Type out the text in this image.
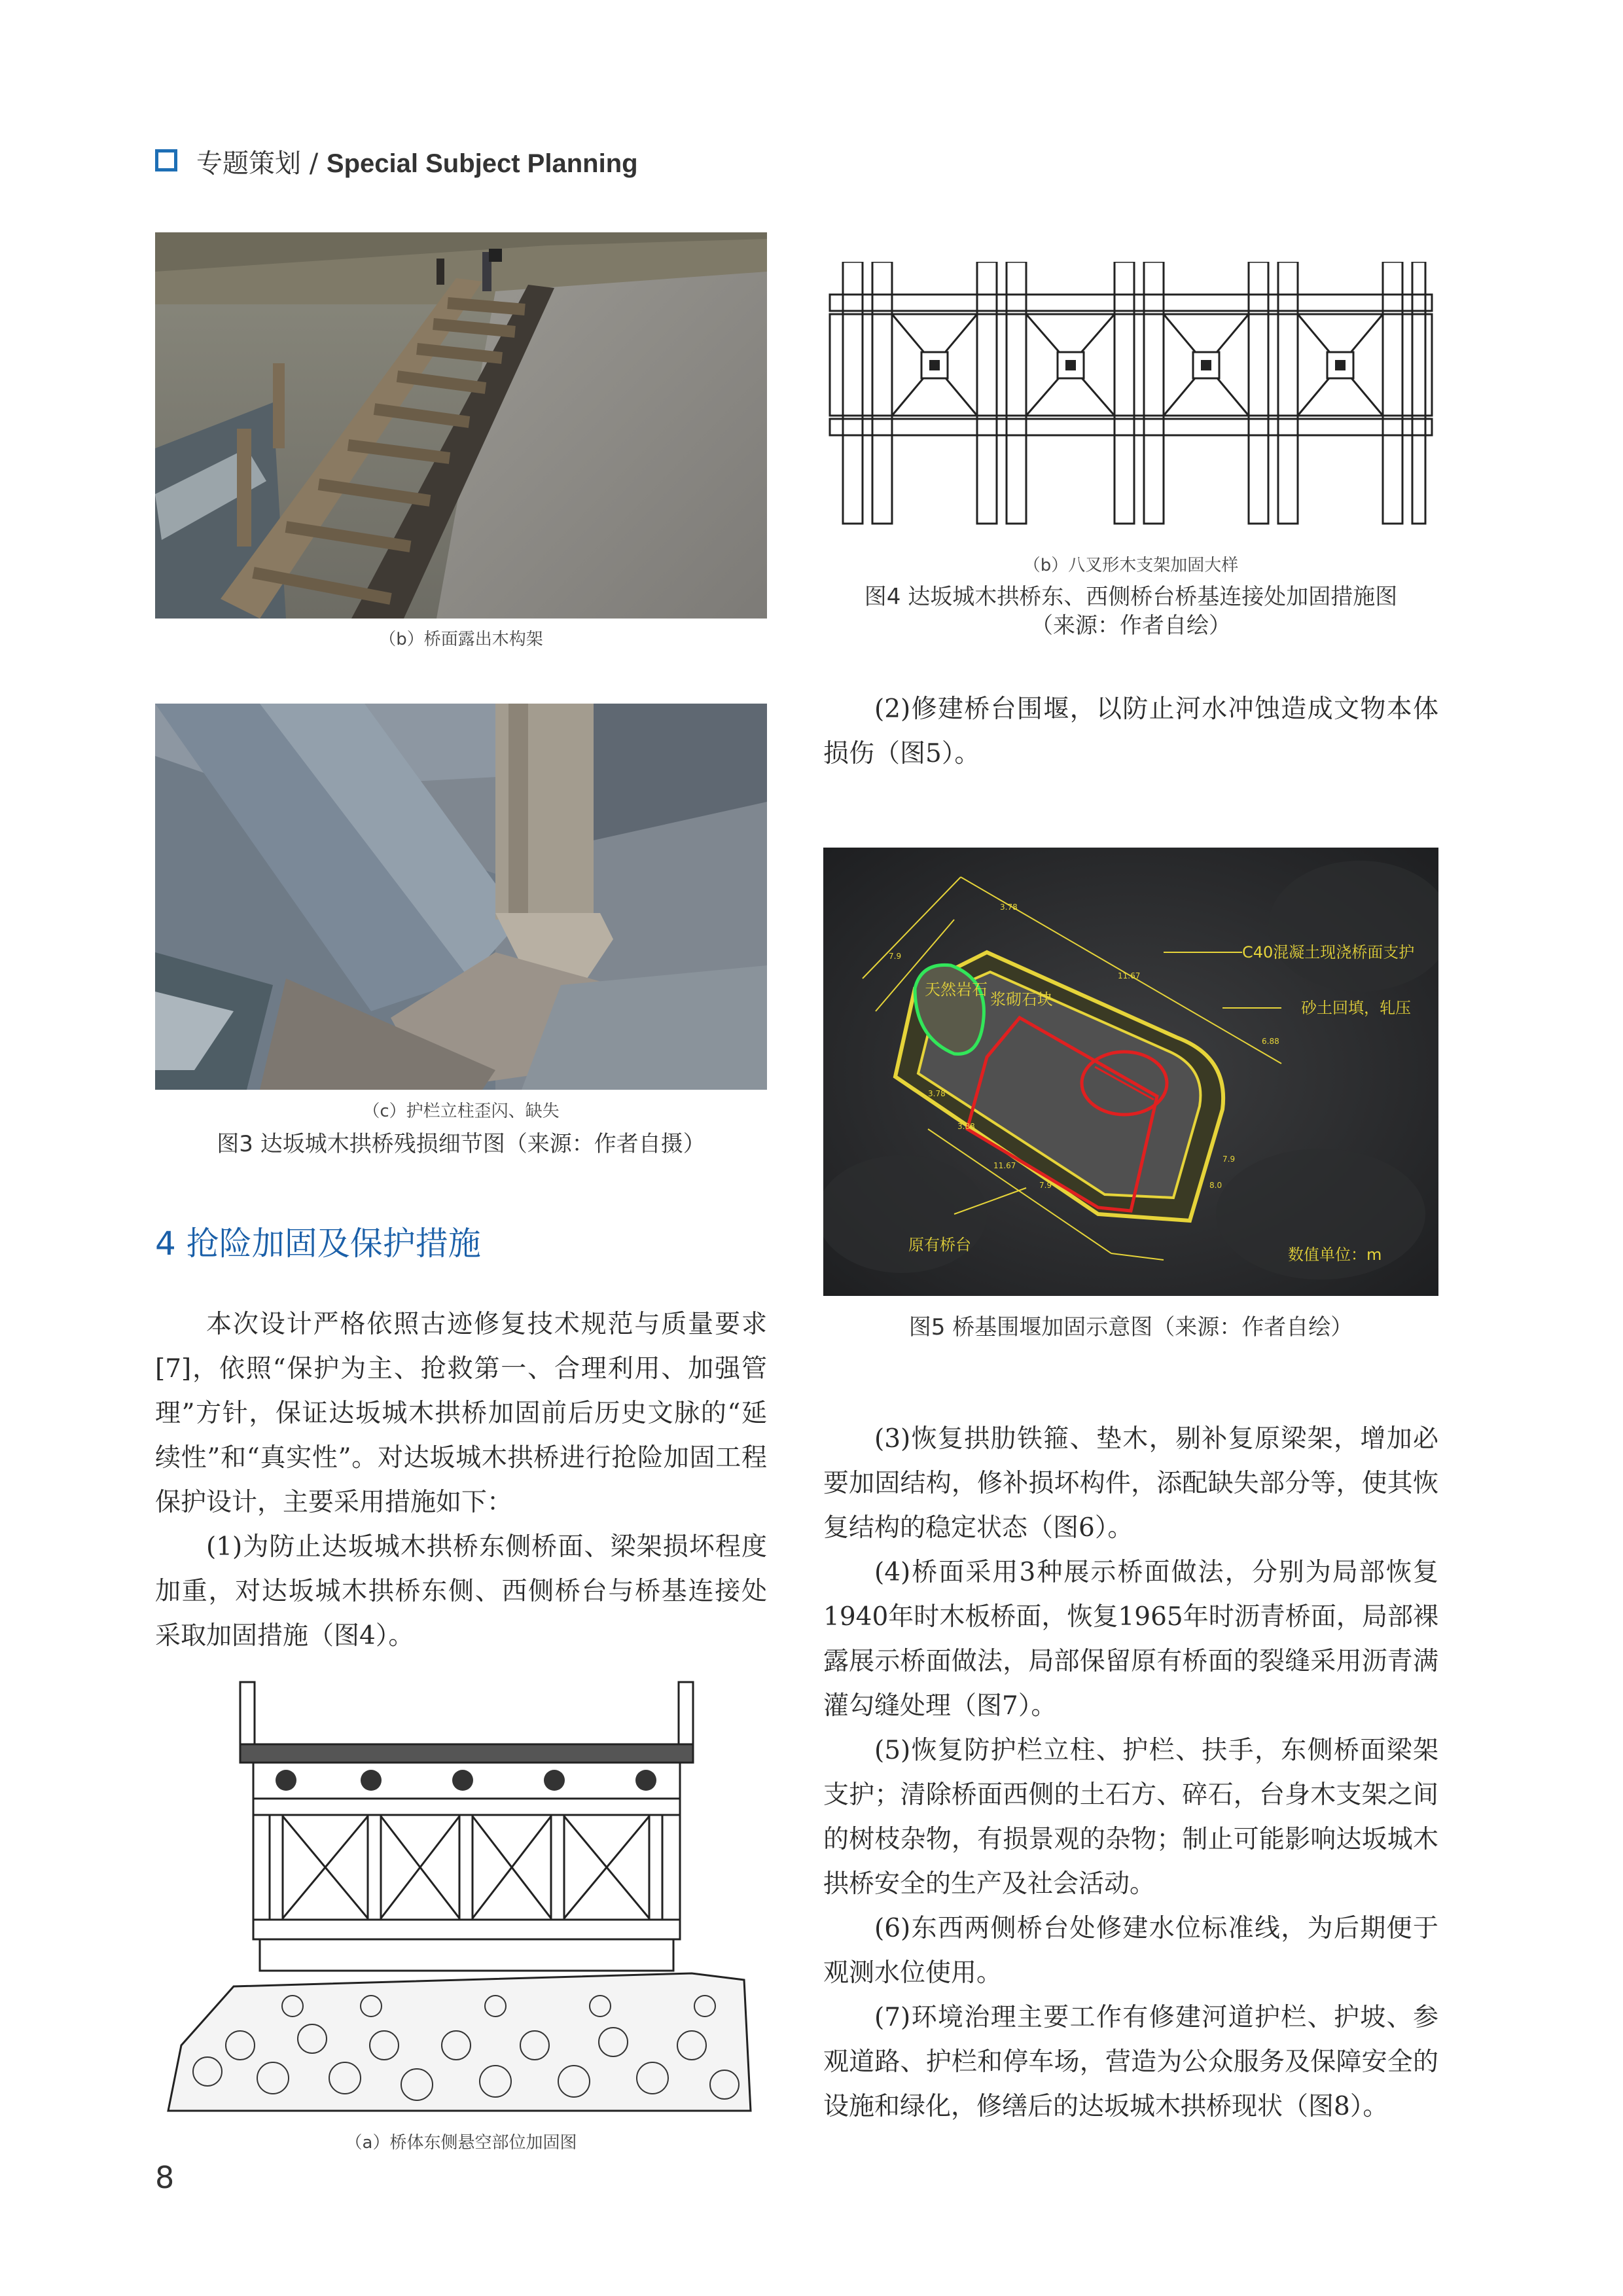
专题策划 / Special Subject Planning
（b）桥面露出木构架
（c）护栏立柱歪闪、缺失
图3 达坂城木拱桥残损细节图（来源：作者自摄）
4 抢险加固及保护措施

本次设计严格依照古迹修复技术规范与质量要求[7]，依照“保护为主、抢救第一、合理利用、加强管理”方针，保证达坂城木拱桥加固前后历史文脉的“延续性”和“真实性”。对达坂城木拱桥进行抢险加固工程保护设计，主要采用措施如下：

(1)为防止达坂城木拱桥东侧桥面、梁架损坏程度加重，对达坂城木拱桥东侧、西侧桥台与桥基连接处采取加固措施（图4）。

（a）桥体东侧悬空部位加固图
（b）八叉形木支架加固大样
图4 达坂城木拱桥东、西侧桥台桥基连接处加固措施图
（来源：作者自绘）

(2)修建桥台围堰，以防止河水冲蚀造成文物本体损伤（图5）。

3.78
11.67
7.9
6.88
3.78
3.88
7.9
11.67
8.0
7.9
C40混凝土现浇桥面支护
天然岩石
浆砌石块	砂土回填，轧压
原有桥台
数值单位：m
图5 桥基围堰加固示意图（来源：作者自绘）

(3)恢复拱肋铁箍、垫木，剔补复原梁架，增加必要加固结构，修补损坏构件，添配缺失部分等，使其恢复结构的稳定状态（图6）。

(4)桥面采用3种展示桥面做法，分别为局部恢复1940年时木板桥面，恢复1965年时沥青桥面，局部裸露展示桥面做法，局部保留原有桥面的裂缝采用沥青满灌勾缝处理（图7）。

(5)恢复防护栏立柱、护栏、扶手，东侧桥面梁架支护；清除桥面西侧的土石方、碎石，台身木支架之间的树枝杂物，有损景观的杂物；制止可能影响达坂城木拱桥安全的生产及社会活动。

(6)东西两侧桥台处修建水位标准线，为后期便于观测水位使用。

(7)环境治理主要工作有修建河道护栏、护坡、参观道路、护栏和停车场，营造为公众服务及保障安全的设施和绿化，修缮后的达坂城木拱桥现状（图8）。

8
